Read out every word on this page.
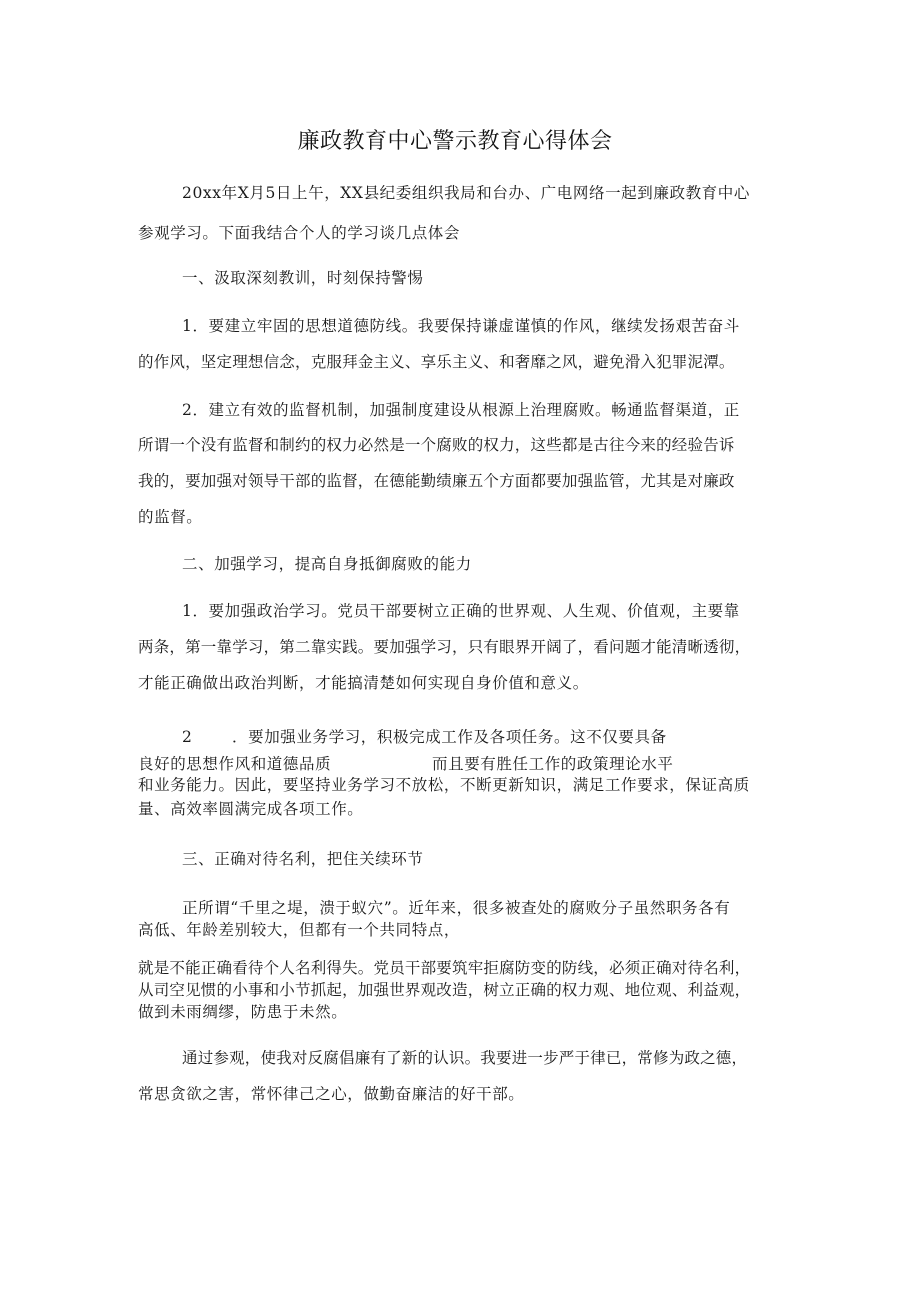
廉政教育中心警示教育心得体会
20xx年X月5日上午，XX县纪委组织我局和台办、广电网络一起到廉政教育中心
参观学习。下面我结合个人的学习谈几点体会
一、汲取深刻教训，时刻保持警惕
1．要建立牢固的思想道德防线。我要保持谦虚谨慎的作风，继续发扬艰苦奋斗
的作风，坚定理想信念，克服拜金主义、享乐主义、和奢靡之风，避免滑入犯罪泥潭。
2．建立有效的监督机制，加强制度建设从根源上治理腐败。畅通监督渠道，正
所谓一个没有监督和制约的权力必然是一个腐败的权力，这些都是古往今来的经验告诉
我的，要加强对领导干部的监督，在德能勤绩廉五个方面都要加强监管，尤其是对廉政
的监督。
二、加强学习，提高自身抵御腐败的能力
1．要加强政治学习。党员干部要树立正确的世界观、人生观、价值观，主要靠
两条，第一靠学习，第二靠实践。要加强学习，只有眼界开阔了，看问题才能清晰透彻，
才能正确做出政治判断，才能搞清楚如何实现自身价值和意义。
2	．要加强业务学习，积极完成工作及各项任务。这不仅要具备
良好的思想作风和道德品质	而且要有胜任工作的政策理论水平
和业务能力。因此，要坚持业务学习不放松，不断更新知识，满足工作要求，保证高质
量、高效率圆满完成各项工作。
三、正确对待名利，把住关续环节
正所谓“千里之堤，溃于蚁穴”。近年来，很多被查处的腐败分子虽然职务各有
高低、年龄差别较大，但都有一个共同特点，
就是不能正确看待个人名利得失。党员干部要筑牢拒腐防变的防线，必须正确对待名利，
从司空见惯的小事和小节抓起，加强世界观改造，树立正确的权力观、地位观、利益观，
做到未雨绸缪，防患于未然。
通过参观，使我对反腐倡廉有了新的认识。我要进一步严于律已，常修为政之德，
常思贪欲之害，常怀律己之心，做勤奋廉洁的好干部。
